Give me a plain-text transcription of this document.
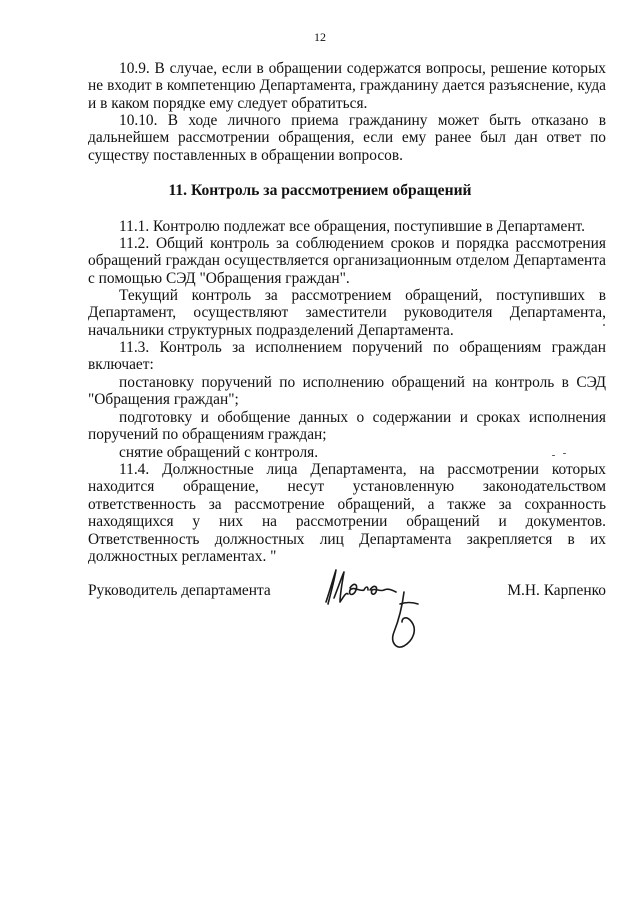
12

10.9. В случае, если в обращении содержатся вопросы, решение которых не входит в компетенцию Департамента, гражданину дается разъяснение, куда и в каком порядке ему следует обратиться.

10.10. В ходе личного приема гражданину может быть отказано в дальнейшем рассмотрении обращения, если ему ранее был дан ответ по существу поставленных в обращении вопросов.

11. Контроль за рассмотрением обращений

11.1. Контролю подлежат все обращения, поступившие в Департамент.

11.2. Общий контроль за соблюдением сроков и порядка рассмотрения обращений граждан осуществляется организационным отделом Департамента с помощью СЭД "Обращения граждан".

Текущий контроль за рассмотрением обращений, поступивших в Департамент, осуществляют заместители руководителя Департамента, начальники структурных подразделений Департамента.

11.3. Контроль за исполнением поручений по обращениям граждан включает:

постановку поручений по исполнению обращений на контроль в СЭД "Обращения граждан";

подготовку и обобщение данных о содержании и сроках исполнения поручений по обращениям граждан;

снятие обращений с контроля.

11.4. Должностные лица Департамента, на рассмотрении которых находится обращение, несут установленную законодательством ответственность за рассмотрение обращений, а также за сохранность находящихся у них на рассмотрении обращений и документов. Ответственность должностных лиц Департамента закрепляется в их должностных регламентах. "

Руководитель департамента	М.Н. Карпенко
